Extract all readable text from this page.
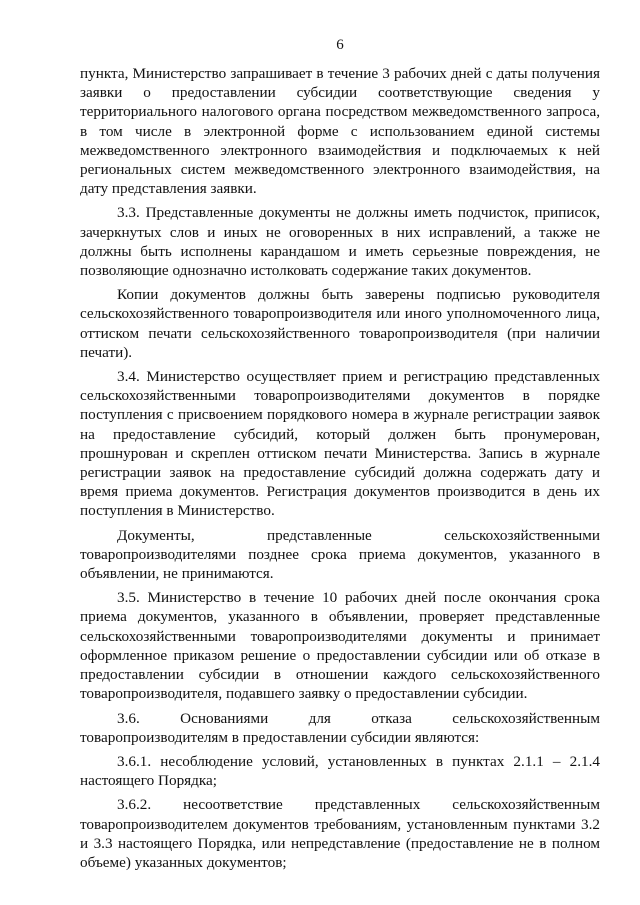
6

пункта, Министерство запрашивает в течение 3 рабочих дней с даты получения заявки о предоставлении субсидии соответствующие сведения у территориального налогового органа посредством межведомственного запроса, в том числе в электронной форме с использованием единой системы межведомственного электронного взаимодействия и подключаемых к ней региональных систем межведомственного электронного взаимодействия, на дату представления заявки.

3.3. Представленные документы не должны иметь подчисток, приписок, зачеркнутых слов и иных не оговоренных в них исправлений, а также не должны быть исполнены карандашом и иметь серьезные повреждения, не позволяющие однозначно истолковать содержание таких документов.

Копии документов должны быть заверены подписью руководителя сельскохозяйственного товаропроизводителя или иного уполномоченного лица, оттиском печати сельскохозяйственного товаропроизводителя (при наличии печати).

3.4. Министерство осуществляет прием и регистрацию представленных сельскохозяйственными товаропроизводителями документов в порядке поступления с присвоением порядкового номера в журнале регистрации заявок на предоставление субсидий, который должен быть пронумерован, прошнурован и скреплен оттиском печати Министерства. Запись в журнале регистрации заявок на предоставление субсидий должна содержать дату и время приема документов. Регистрация документов производится в день их поступления в Министерство.

Документы, представленные сельскохозяйственными товаропроизводителями позднее срока приема документов, указанного в объявлении, не принимаются.

3.5. Министерство в течение 10 рабочих дней после окончания срока приема документов, указанного в объявлении, проверяет представленные сельскохозяйственными товаропроизводителями документы и принимает оформленное приказом решение о предоставлении субсидии или об отказе в предоставлении субсидии в отношении каждого сельскохозяйственного товаропроизводителя, подавшего заявку о предоставлении субсидии.

3.6. Основаниями для отказа сельскохозяйственным товаропроизводителям в предоставлении субсидии являются:

3.6.1. несоблюдение условий, установленных в пунктах 2.1.1 – 2.1.4 настоящего Порядка;

3.6.2. несоответствие представленных сельскохозяйственным товаропроизводителем документов требованиям, установленным пунктами 3.2 и 3.3 настоящего Порядка, или непредставление (предоставление не в полном объеме) указанных документов;
